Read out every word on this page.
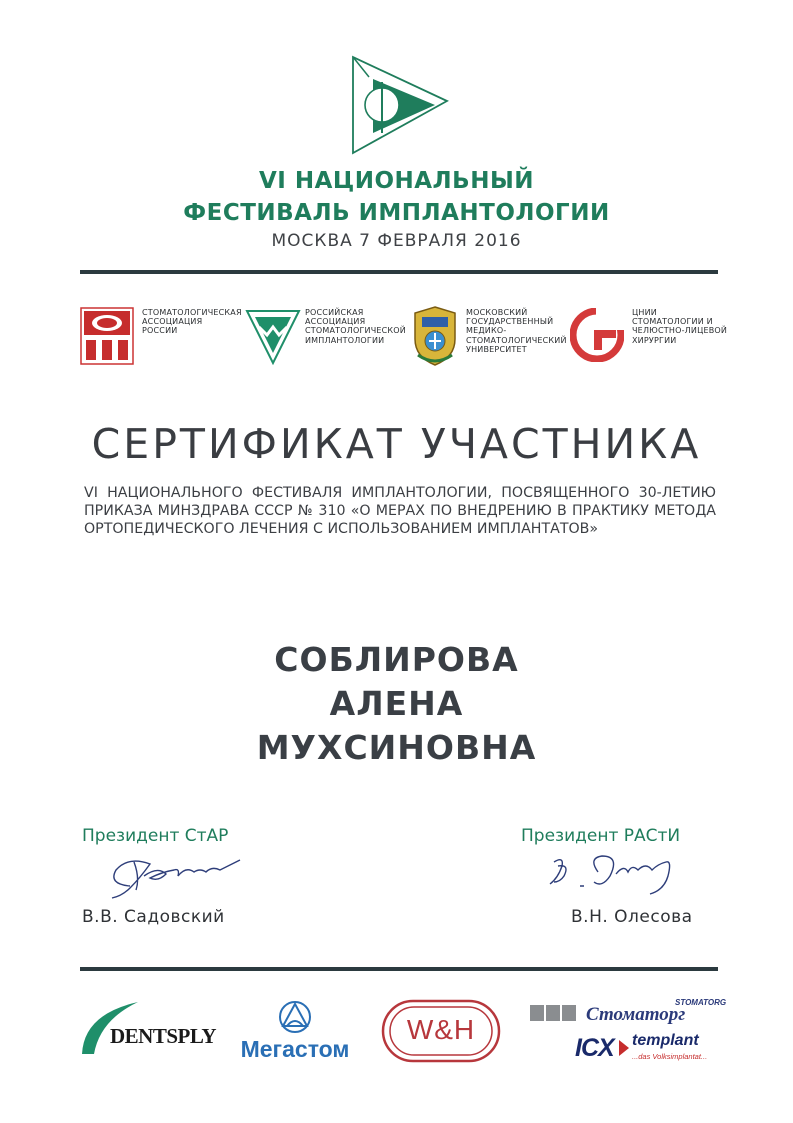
VI НАЦИОНАЛЬНЫЙ
ФЕСТИВАЛЬ ИМПЛАНТОЛОГИИ
МОСКВА 7 ФЕВРАЛЯ 2016
СТОМАТОЛОГИЧЕСКАЯ
АССОЦИАЦИЯ
РОССИИ
РОССИЙСКАЯ
АССОЦИАЦИЯ
СТОМАТОЛОГИЧЕСКОЙ
ИМПЛАНТОЛОГИИ
МОСКОВСКИЙ
ГОСУДАРСТВЕННЫЙ
МЕДИКО-
СТОМАТОЛОГИЧЕСКИЙ
УНИВЕРСИТЕТ
ЦНИИ
СТОМАТОЛОГИИ И
ЧЕЛЮСТНО-ЛИЦЕВОЙ
ХИРУРГИИ
СЕРТИФИКАТ УЧАСТНИКА
VI НАЦИОНАЛЬНОГО ФЕСТИВАЛЯ ИМПЛАНТОЛОГИИ, ПОСВЯЩЕННОГО 30-ЛЕТИЮ ПРИКАЗА МИНЗДРАВА СССР № 310 «О МЕРАХ ПО ВНЕДРЕНИЮ В ПРАКТИКУ МЕТОДА ОРТОПЕДИЧЕСКОГО ЛЕЧЕНИЯ С ИСПОЛЬЗОВАНИЕМ ИМПЛАНТАТОВ»
СОБЛИРОВА
АЛЕНА
МУХСИНОВНА
Президент СтАР
В.В. Садовский
Президент РАСтИ
В.Н. Олесова
DENTSPLY	Мегастом
W&H
STOMATORG
Стоматорг
ICX templant
...das Volksimplantat...
